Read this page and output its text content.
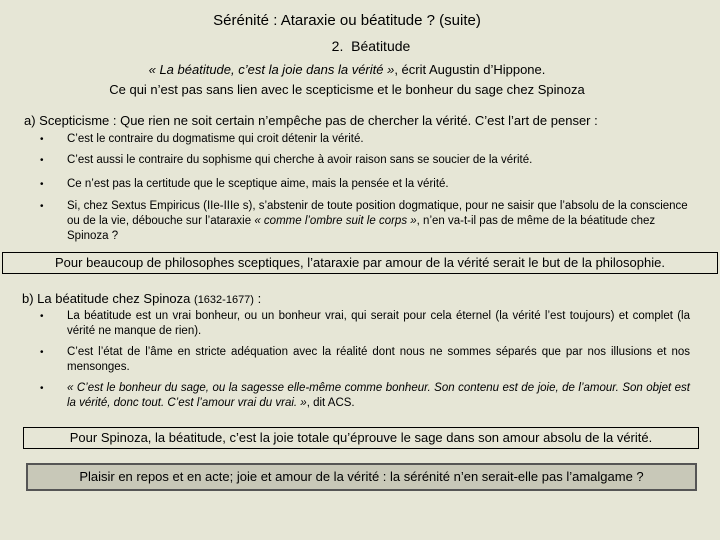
Sérénité : Ataraxie ou béatitude ? (suite)
2. Béatitude
« La béatitude, c’est la joie dans la vérité », écrit Augustin d’Hippone.
Ce qui n’est pas sans lien avec le scepticisme et le bonheur du sage chez Spinoza
a) Scepticisme : Que rien ne soit certain n’empêche pas de chercher la vérité. C’est l’art de penser :
• C’est le contraire du dogmatisme qui croit détenir la vérité.
• C’est aussi le contraire du sophisme qui cherche à avoir raison sans se soucier de la vérité.
• Ce n’est pas la certitude que le sceptique aime, mais la pensée et la vérité.
• Si, chez Sextus Empiricus (IIe-IIIe s), s’abstenir de toute position dogmatique, pour ne saisir que l’absolu de la conscience ou de la vie, débouche sur l’ataraxie « comme l’ombre suit le corps », n’en va-t-il pas de même de la béatitude chez Spinoza ?
Pour beaucoup de philosophes sceptiques, l’ataraxie par amour de la vérité serait le but de la philosophie.
b) La béatitude chez Spinoza (1632-1677) :
• La béatitude est un vrai bonheur, ou un bonheur vrai, qui serait pour cela éternel (la vérité l’est toujours) et complet (la vérité ne manque de rien).
• C’est l’état de l’âme en stricte adéquation avec la réalité dont nous ne sommes séparés que par nos illusions et nos mensonges.
• « C’est le bonheur du sage, ou la sagesse elle-même comme bonheur. Son contenu est de joie, de l’amour. Son objet est la vérité, donc tout. C’est l’amour vrai du vrai. », dit ACS.
Pour Spinoza, la béatitude, c’est la joie totale qu’éprouve le sage dans son amour absolu de la vérité.
Plaisir en repos et en acte; joie et amour de la vérité : la sérénité n’en serait-elle pas l’amalgame ?
